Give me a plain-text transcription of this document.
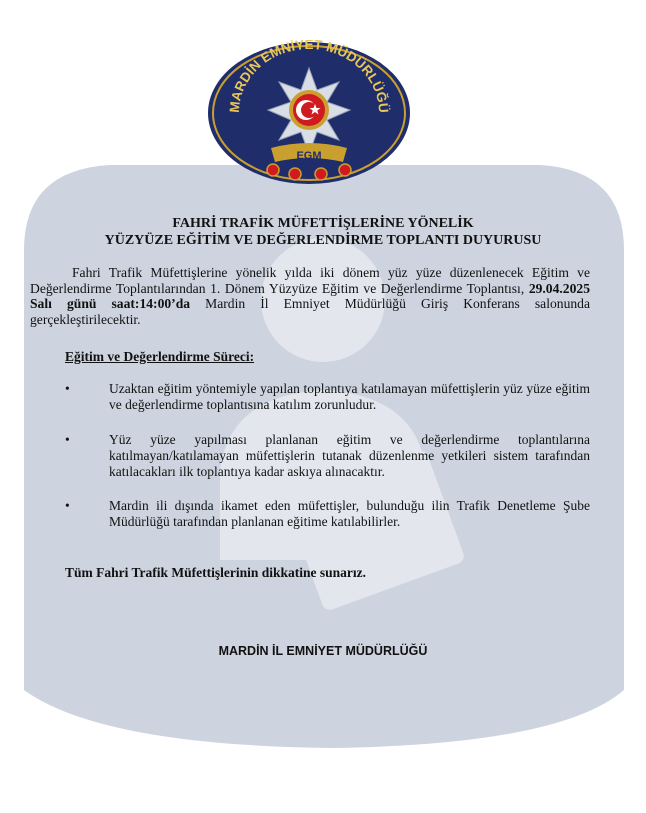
MARDİN EMNİYET MÜDÜRLÜĞÜ
EGM
FAHRİ TRAFİK MÜFETTİŞLERİNE YÖNELİK
YÜZYÜZE EĞİTİM VE DEĞERLENDİRME TOPLANTI DUYURUSU
Fahri Trafik Müfettişlerine yönelik yılda iki dönem yüz yüze düzenlenecek Eğitim ve Değerlendirme Toplantılarından 1. Dönem Yüzyüze Eğitim ve Değerlendirme Toplantısı, 29.04.2025 Salı günü saat:14:00’da Mardin İl Emniyet Müdürlüğü Giriş Konferans salonunda gerçekleştirilecektir.
Eğitim ve Değerlendirme Süreci:
•	Uzaktan eğitim yöntemiyle yapılan toplantıya katılamayan müfettişlerin yüz yüze eğitim ve değerlendirme toplantısına katılım zorunludur.
•	Yüz yüze yapılması planlanan eğitim ve değerlendirme toplantılarına katılmayan/katılamayan müfettişlerin tutanak düzenlenme yetkileri sistem tarafından katılacakları ilk toplantıya kadar askıya alınacaktır.
•	Mardin ili dışında ikamet eden müfettişler, bulunduğu ilin Trafik Denetleme Şube Müdürlüğü tarafından planlanan eğitime katılabilirler.
Tüm Fahri Trafik Müfettişlerinin dikkatine sunarız.
MARDİN İL EMNİYET MÜDÜRLÜĞÜ
